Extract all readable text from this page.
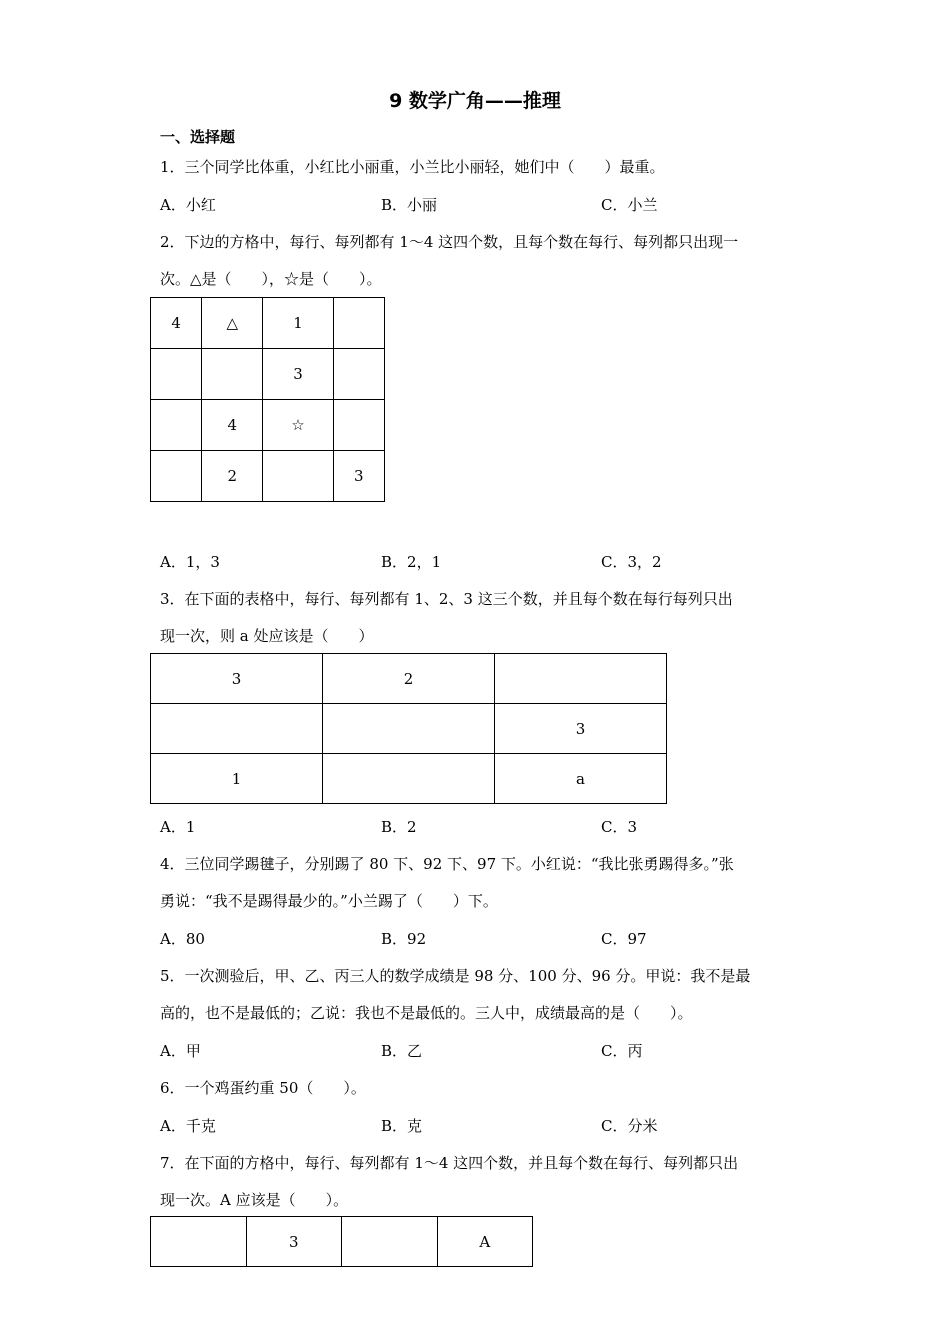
9 数学广角——推理
一、选择题
1．三个同学比体重，小红比小丽重，小兰比小丽轻，她们中（　　）最重。
A．小红	B．小丽	C．小兰
2．下边的方格中，每行、每列都有 1～4 这四个数，且每个数在每行、每列都只出现一
次。△是（　　），☆是（　　）。
4	△	1	
		3	
	4	☆	
	2		3
A．1，3	B．2，1	C．3，2
3．在下面的表格中，每行、每列都有 1、2、3 这三个数，并且每个数在每行每列只出
现一次，则 a 处应该是（　　）
3	2	
		3
1		a
A．1	B．2	C．3
4．三位同学踢毽子，分别踢了 80 下、92 下、97 下。小红说：“我比张勇踢得多。”张
勇说：“我不是踢得最少的。”小兰踢了（　　）下。
A．80	B．92	C．97
5．一次测验后，甲、乙、丙三人的数学成绩是 98 分、100 分、96 分。甲说：我不是最
高的，也不是最低的；乙说：我也不是最低的。三人中，成绩最高的是（　　）。
A．甲	B．乙	C．丙
6．一个鸡蛋约重 50（　　）。
A．千克	B．克	C．分米
7．在下面的方格中，每行、每列都有 1～4 这四个数，并且每个数在每行、每列都只出
现一次。A 应该是（　　）。
	3		A
